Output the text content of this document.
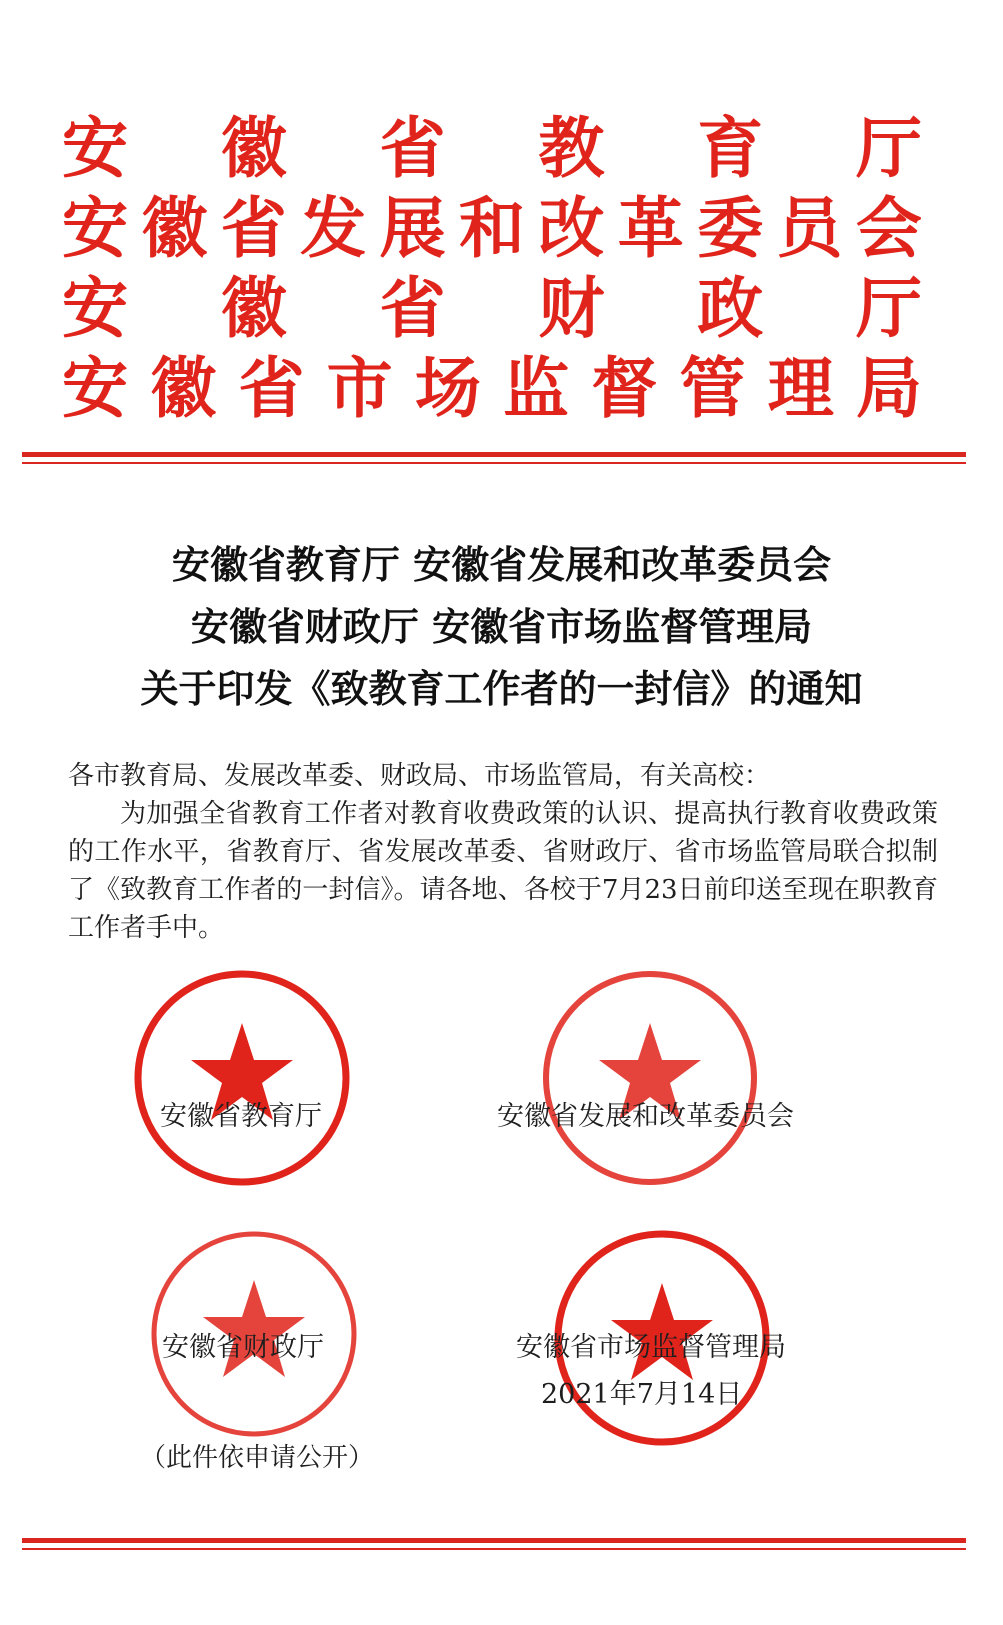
安 徽 省 教 育 厅
安 徽 省 发 展 和 改 革 委 员 会
安 徽 省 财 政 厅
安 徽 省 市 场 监 督 管 理 局
安徽省教育厅 安徽省发展和改革委员会
安徽省财政厅 安徽省市场监督管理局
关于印发《致教育工作者的一封信》的通知
各市教育局、发展改革委、财政局、市场监管局，有关高校：
为加强全省教育工作者对教育收费政策的认识、提高执行教育收费政策的工作水平，省教育厅、省发展改革委、省财政厅、省市场监管局联合拟制了《致教育工作者的一封信》。请各地、各校于7月23日前印送至现在职教育工作者手中。
安徽省教育厅	安徽省发展和改革委员会
安徽省财政厅
（此件依申请公开）
安徽省市场监督管理局
2021年7月14日
